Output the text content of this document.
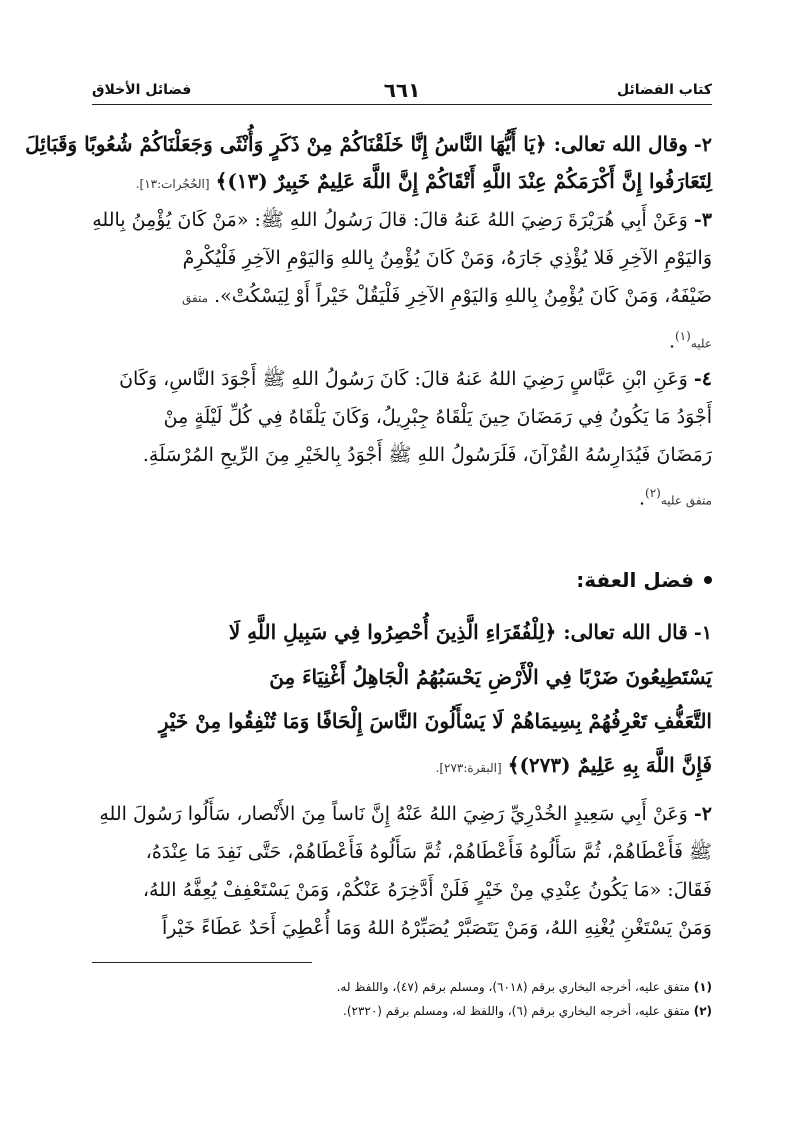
كتاب الفضائل
٦٦١
فضائل الأخلاق
٢- وقال الله تعالى: ﴿يَا أَيُّهَا النَّاسُ إِنَّا خَلَقْنَاكُمْ مِنْ ذَكَرٍ وَأُنْثَى وَجَعَلْنَاكُمْ شُعُوبًا وَقَبَائِلَ
لِتَعَارَفُوا إِنَّ أَكْرَمَكُمْ عِنْدَ اللَّهِ أَتْقَاكُمْ إِنَّ اللَّهَ عَلِيمٌ خَبِيرٌ (١٣)﴾ [الحُجُرات:١٣].
٣- وَعَنْ أَبِي هُرَيْرَةَ رَضِيَ اللهُ عَنهُ قالَ: قالَ رَسُولُ اللهِ ﷺ: «مَنْ كَانَ يُؤْمِنُ بِاللهِ
وَاليَوْمِ الآخِرِ فَلا يُؤْذِي جَارَهُ، وَمَنْ كَانَ يُؤْمِنُ بِاللهِ وَاليَوْمِ الآخِرِ فَلْيُكْرِمْ
ضَيْفَهُ، وَمَنْ كَانَ يُؤْمِنُ بِاللهِ وَاليَوْمِ الآخِرِ فَلْيَقُلْ خَيْراً أَوْ لِيَسْكُتْ». متفق
عليه$^{(١)}$.
٤- وَعَنِ ابْنِ عَبَّاسٍ رَضِيَ اللهُ عَنهُ قالَ: كَانَ رَسُولُ اللهِ ﷺ أَجْوَدَ النَّاسِ، وَكَانَ
أَجْوَدُ مَا يَكُونُ فِي رَمَضَانَ حِينَ يَلْقَاهُ جِبْرِيلُ، وَكَانَ يَلْقَاهُ فِي كُلِّ لَيْلَةٍ مِنْ
رَمَضَانَ فَيُدَارِسُهُ القُرْآنَ، فَلَرَسُولُ اللهِ ﷺ أَجْوَدُ بِالخَيْرِ مِنَ الرِّيحِ المُرْسَلَةِ.
متفق عليه$^{(٢)}$.
فضل العفة:
١- قال الله تعالى: ﴿لِلْفُقَرَاءِ الَّذِينَ أُحْصِرُوا فِي سَبِيلِ اللَّهِ لَا
يَسْتَطِيعُونَ ضَرْبًا فِي الْأَرْضِ يَحْسَبُهُمُ الْجَاهِلُ أَغْنِيَاءَ مِنَ
التَّعَفُّفِ تَعْرِفُهُمْ بِسِيمَاهُمْ لَا يَسْأَلُونَ النَّاسَ إِلْحَافًا وَمَا تُنْفِقُوا مِنْ خَيْرٍ
فَإِنَّ اللَّهَ بِهِ عَلِيمٌ (٢٧٣)﴾ [البقرة:٢٧٣].
٢- وَعَنْ أَبِي سَعِيدٍ الخُدْرِيِّ رَضِيَ اللهُ عَنْهُ إِنَّ نَاساً مِنَ الأَنْصار، سَأَلُوا رَسُولَ اللهِ
ﷺ فَأَعْطَاهُمْ، ثُمَّ سَأَلُوهُ فَأَعْطَاهُمْ، ثُمَّ سَأَلُوهُ فَأَعْطَاهُمْ، حَتَّى نَفِدَ مَا عِنْدَهُ،
فَقَالَ: «مَا يَكُونُ عِنْدِي مِنْ خَيْرٍ فَلَنْ أَدَّخِرَهُ عَنْكُمْ، وَمَنْ يَسْتَعْفِفْ يُعِفَّهُ اللهُ،
وَمَنْ يَسْتَغْنِ يُغْنِهِ اللهُ، وَمَنْ يَتَصَبَّرْ يُصَبِّرْهُ اللهُ وَمَا أُعْطِيَ أَحَدٌ عَطَاءً خَيْراً
(١) متفق عليه، أخرجه البخاري برقم (٦٠١٨)، ومسلم برقم (٤٧)، واللفظ له.
(٢) متفق عليه، أخرجه البخاري برقم (٦)، واللفظ له، ومسلم برقم (٢٣٢٠).
